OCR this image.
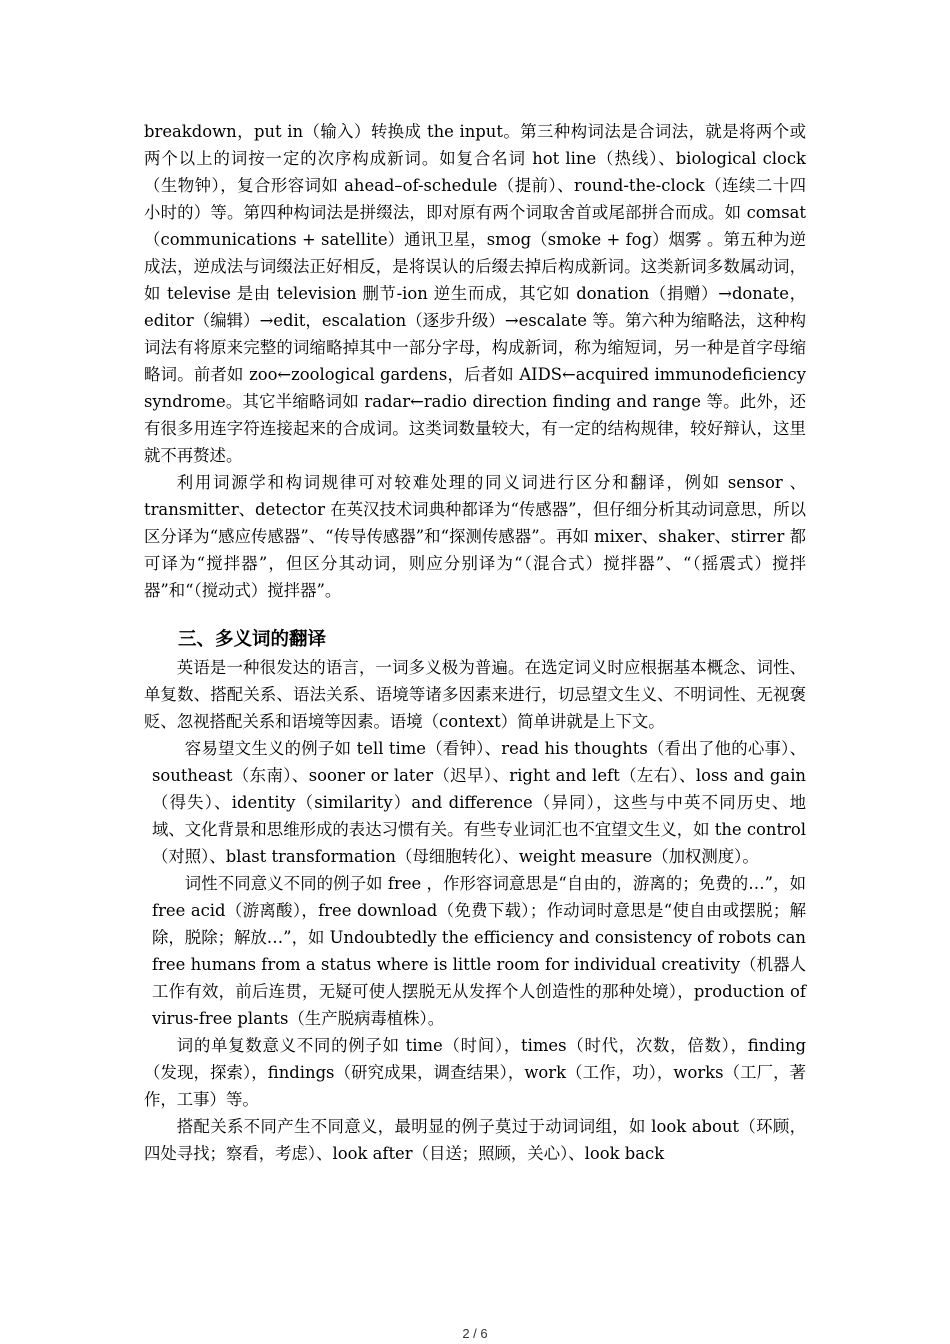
breakdown，put in（输入）转换成 the input。第三种构词法是合词法，就是将两个或两个以上的词按一定的次序构成新词。如复合名词 hot line（热线）、biological clock（生物钟），复合形容词如 ahead–of-schedule（提前）、round-the-clock（连续二十四小时的）等。第四种构词法是拼缀法，即对原有两个词取舍首或尾部拼合而成。如 comsat（communications + satellite）通讯卫星，smog（smoke + fog）烟雾 。第五种为逆成法，逆成法与词缀法正好相反，是将误认的后缀去掉后构成新词。这类新词多数属动词，如 televise 是由 television 删节-ion 逆生而成，其它如 donation（捐赠）→donate，editor（编辑）→edit，escalation（逐步升级）→escalate 等。第六种为缩略法，这种构词法有将原来完整的词缩略掉其中一部分字母，构成新词，称为缩短词，另一种是首字母缩略词。前者如 zoo←zoological gardens，后者如 AIDS←acquired immunodeficiency syndrome。其它半缩略词如 radar←radio direction finding and range 等。此外，还有很多用连字符连接起来的合成词。这类词数量较大，有一定的结构规律，较好辩认，这里就不再赘述。

利用词源学和构词规律可对较难处理的同义词进行区分和翻译，例如 sensor 、transmitter、detector 在英汉技术词典种都译为“传感器”，但仔细分析其动词意思，所以区分译为“感应传感器”、“传导传感器”和“探测传感器”。再如 mixer、shaker、stirrer 都可译为“搅拌器”，但区分其动词，则应分别译为“（混合式）搅拌器”、“（摇震式）搅拌器”和“（搅动式）搅拌器”。

三、多义词的翻译

英语是一种很发达的语言，一词多义极为普遍。在选定词义时应根据基本概念、词性、单复数、搭配关系、语法关系、语境等诸多因素来进行，切忌望文生义、不明词性、无视褒贬、忽视搭配关系和语境等因素。语境（context）简单讲就是上下文。

容易望文生义的例子如 tell time（看钟）、read his thoughts（看出了他的心事）、southeast（东南）、sooner or later（迟早）、right and left（左右）、loss and gain（得失）、identity（similarity）and difference（异同），这些与中英不同历史、地域、文化背景和思维形成的表达习惯有关。有些专业词汇也不宜望文生义，如 the control（对照）、blast transformation（母细胞转化）、weight measure（加权测度）。

词性不同意义不同的例子如 free ，作形容词意思是“自由的，游离的；免费的…”，如 free acid（游离酸），free download（免费下载）；作动词时意思是“使自由或摆脱；解除，脱除；解放…”，如 Undoubtedly the efficiency and consistency of robots can free humans from a status where is little room for individual creativity（机器人工作有效，前后连贯，无疑可使人摆脱无从发挥个人创造性的那种处境），production of virus-free plants（生产脱病毒植株）。

词的单复数意义不同的例子如 time（时间），times（时代，次数，倍数），finding（发现，探索），findings（研究成果，调查结果），work（工作，功），works（工厂，著作，工事）等。

搭配关系不同产生不同意义，最明显的例子莫过于动词词组，如 look about（环顾，四处寻找；察看，考虑）、look after（目送；照顾，关心）、look back

2 / 6
